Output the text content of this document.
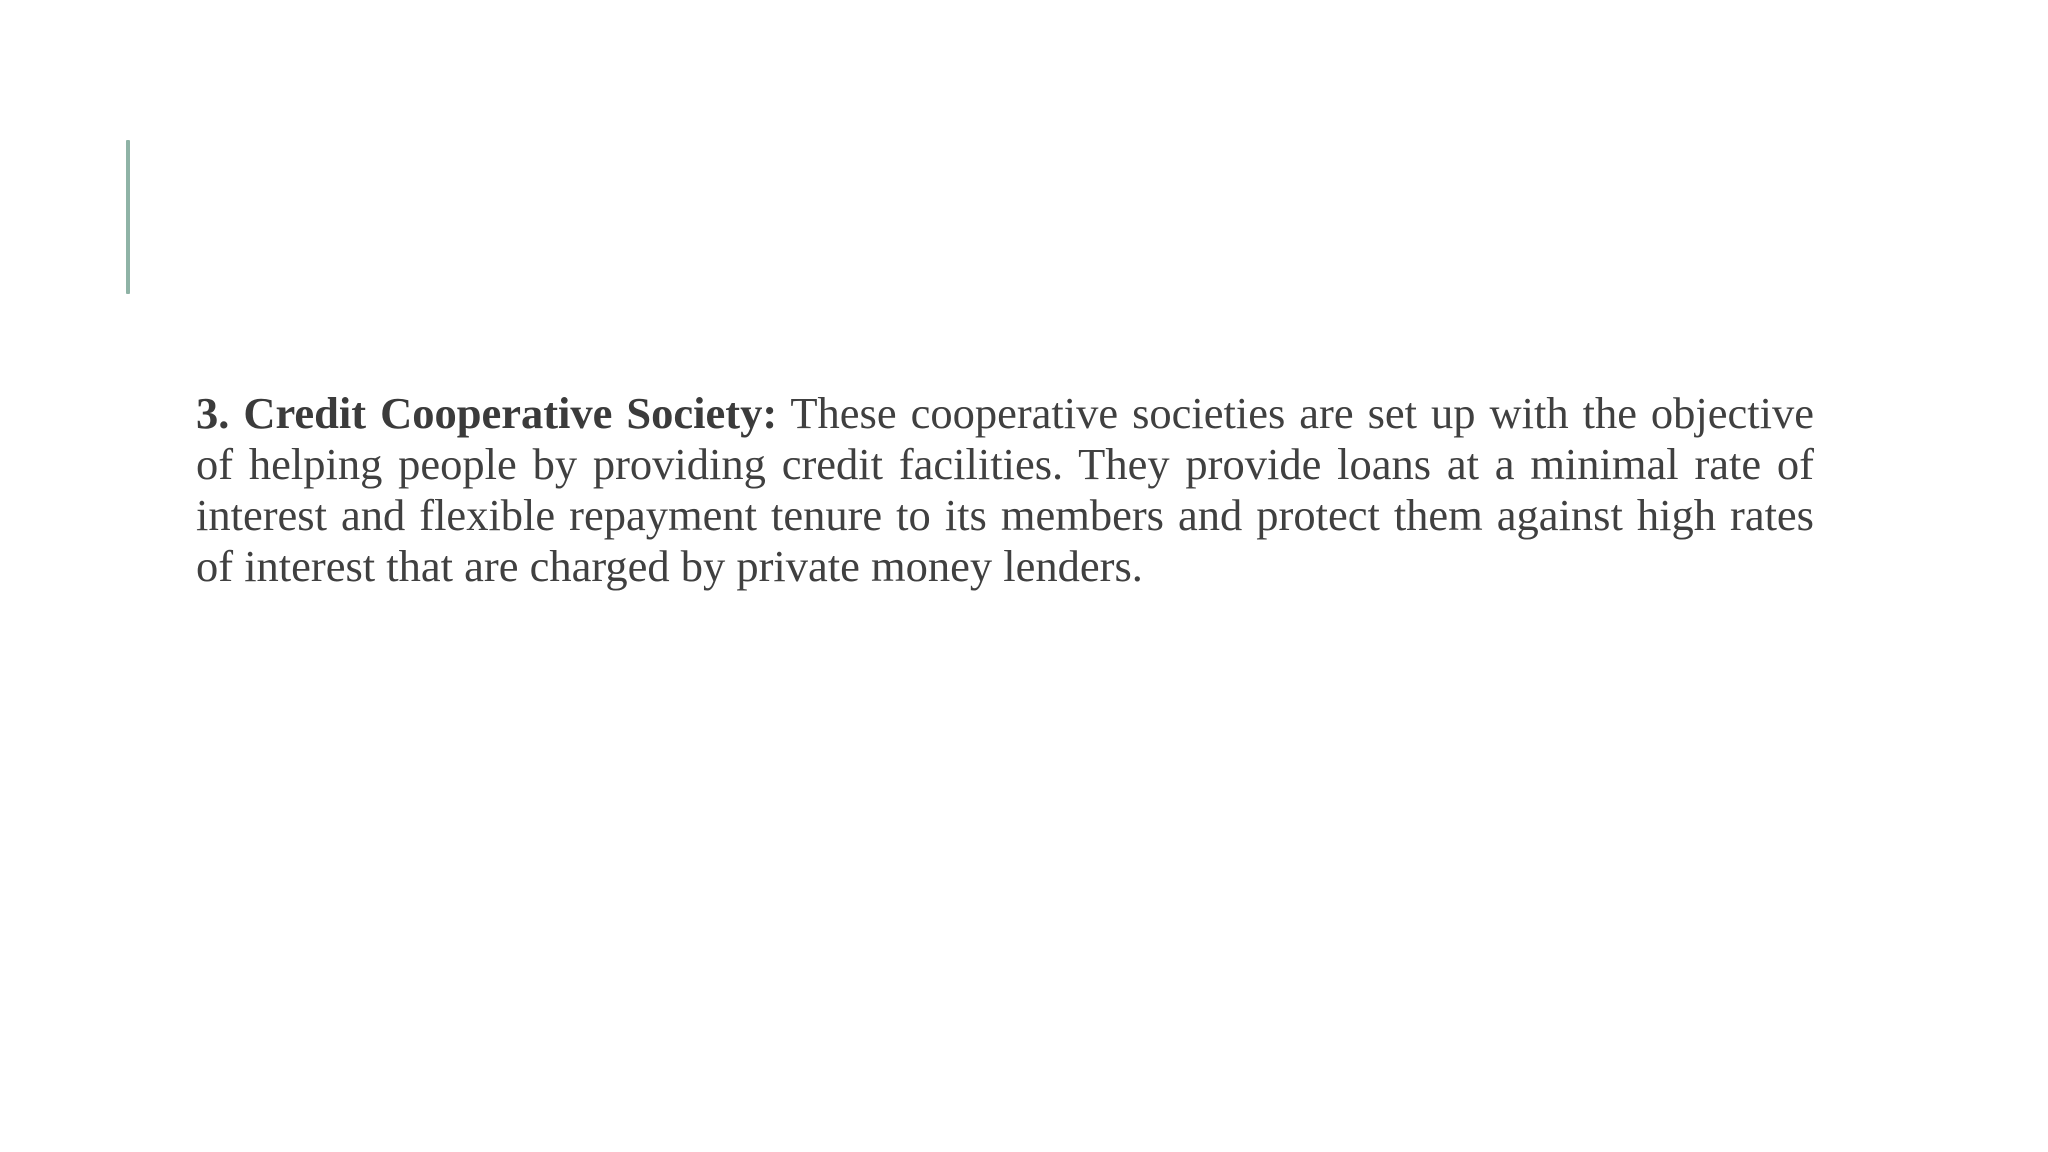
3. Credit Cooperative Society: These cooperative societies are set up with the objective of helping people by providing credit facilities. They provide loans at a minimal rate of interest and flexible repayment tenure to its members and protect them against high rates of interest that are charged by private money lenders.
